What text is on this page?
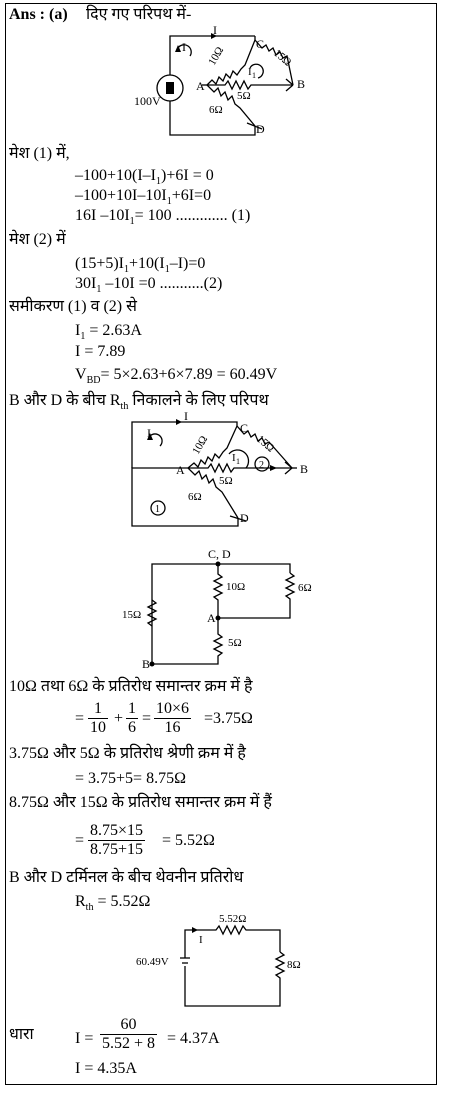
Ans : (a) दिए गए परिपथ में-
I
I
C
A	B
D
100V
10Ω	15Ω
5Ω
6Ω
I 1
मेश (1) में,
$-100+10(I-I_1)+6I = 0$
$-100+10I-10I_1+6I=0$
16I $-10I_1= 100$ ............. (1)
मेश (2) में
$(15+5)I_1+10(I_1-I)=0$
$30I_1$ –10I =0 ...........(2)
समीकरण (1) व (2) से
$I_1 = 2.63A$
I = 7.89
$V_{BD}= 5\times 2.63+6\times 7.89 = 60.49V$
B और D के बीच $R_{th}$ निकालने के लिए परिपथ
I
I	C
A	B
D
10Ω	15Ω
5Ω
6Ω
I 1
1
2
C, D
A
B
10Ω	6Ω
15Ω
5Ω
10Ω तथा 6Ω के प्रतिरोध समान्तर क्रम में है
= $\frac{1}{10} + \frac{1}{6} = \frac{10\times 6}{16} =3.75\Omega$
3.75Ω और 5Ω के प्रतिरोध श्रेणी क्रम में है
= 3.75+5= 8.75Ω
8.75Ω और 15Ω के प्रतिरोध समान्तर क्रम में हैं
= $\frac{8.75\times 15}{8.75+15} = 5.52\Omega$
B और D टर्मिनल के बीच थेवनीन प्रतिरोध
$R_{th} = 5.52\Omega$
5.52Ω
8Ω
60.49V
I
धारा	$I = \frac{60}{5.52 + 8} = 4.37A$
I = 4.35A
